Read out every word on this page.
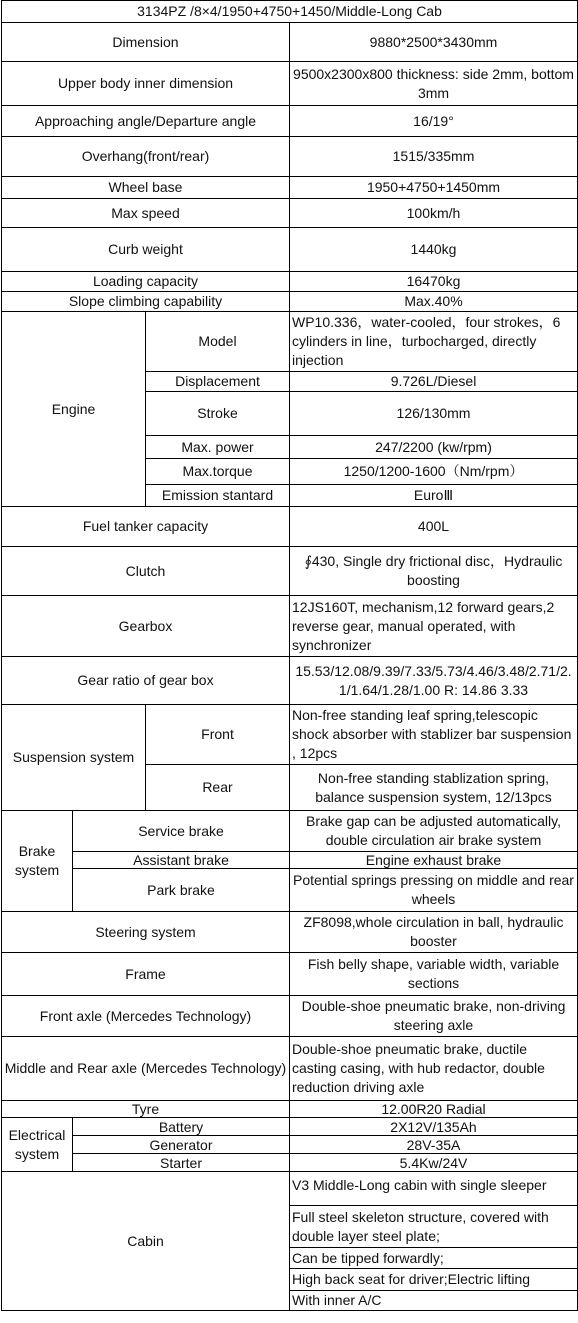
3134PZ /8×4/1950+4750+1450/Middle-Long Cab			
Dimension			9880*2500*3430mm
Upper body inner dimension			9500x2300x800 thickness: side 2mm, bottom 3mm
Approaching angle/Departure angle			16/19°
Overhang(front/rear)			1515/335mm
Wheel base			1950+4750+1450mm
Max speed			100km/h
Curb weight			1440kg
Loading capacity			16470kg
Slope climbing capability			Max.40%
Engine		Model	WP10.336，water-cooled，four strokes，6 cylinders in line，turbocharged, directly injection
		Displacement	9.726L/Diesel
		Stroke	126/130mm
		Max. power	247/2200 (kw/rpm)
		Max.torque	1250/1200-1600（Nm/rpm）
		Emission stantard	EuroⅢ
Fuel tanker capacity			400L
Clutch			∮430, Single dry frictional disc，Hydraulic boosting
Gearbox			12JS160T, mechanism,12 forward gears,2 reverse gear, manual operated, with synchronizer
Gear ratio of gear box			15.53/12.08/9.39/7.33/5.73/4.46/3.48/2.71/2.1/1.64/1.28/1.00 R: 14.86 3.33
Suspension system		Front	Non-free standing leaf spring,telescopic shock absorber with stablizer bar suspension , 12pcs
		Rear	Non-free standing stablization spring, balance suspension system, 12/13pcs
Brake system	Service brake		Brake gap can be adjusted automatically, double circulation air brake system
	Assistant brake		Engine exhaust brake
	Park brake		Potential springs pressing on middle and rear wheels
Steering system			ZF8098,whole circulation in ball, hydraulic booster
Frame			Fish belly shape, variable width, variable sections
Front axle (Mercedes Technology)			Double-shoe pneumatic brake, non-driving steering axle
Middle and Rear axle (Mercedes Technology)			Double-shoe pneumatic brake, ductile casting casing, with hub redactor, double reduction driving axle
Tyre			12.00R20 Radial
Electrical system	Battery		2X12V/135Ah
	Generator		28V-35A
	Starter		5.4Kw/24V
Cabin			V3 Middle-Long cabin with single sleeper
			Full steel skeleton structure, covered with double layer steel plate;
			Can be tipped forwardly;
			High back seat for driver;Electric lifting
			With inner A/C
